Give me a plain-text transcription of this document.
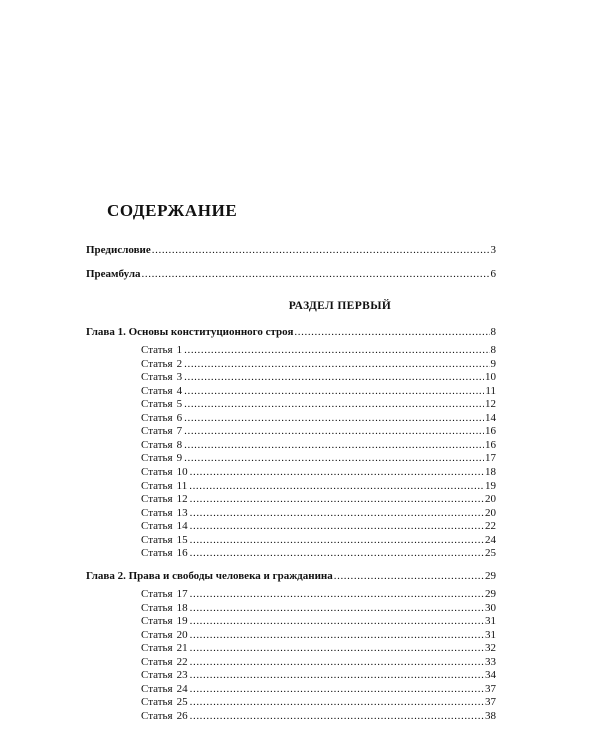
СОДЕРЖАНИЕ
Предисловие .....	3
Преамбула .....	6
РАЗДЕЛ ПЕРВЫЙ
Глава 1. Основы конституционного строя .....	8
Статья 1 .....	8
Статья 2 .....	9
Статья 3 .....	10
Статья 4 .....	11
Статья 5 .....	12
Статья 6 .....	14
Статья 7 .....	16
Статья 8 .....	16
Статья 9 .....	17
Статья 10 .....	18
Статья 11 .....	19
Статья 12 .....	20
Статья 13 .....	20
Статья 14 .....	22
Статья 15 .....	24
Статья 16 .....	25
Глава 2. Права и свободы человека и гражданина .....	29
Статья 17 .....	29
Статья 18 .....	30
Статья 19 .....	31
Статья 20 .....	31
Статья 21 .....	32
Статья 22 .....	33
Статья 23 .....	34
Статья 24 .....	37
Статья 25 .....	37
Статья 26 .....	38
